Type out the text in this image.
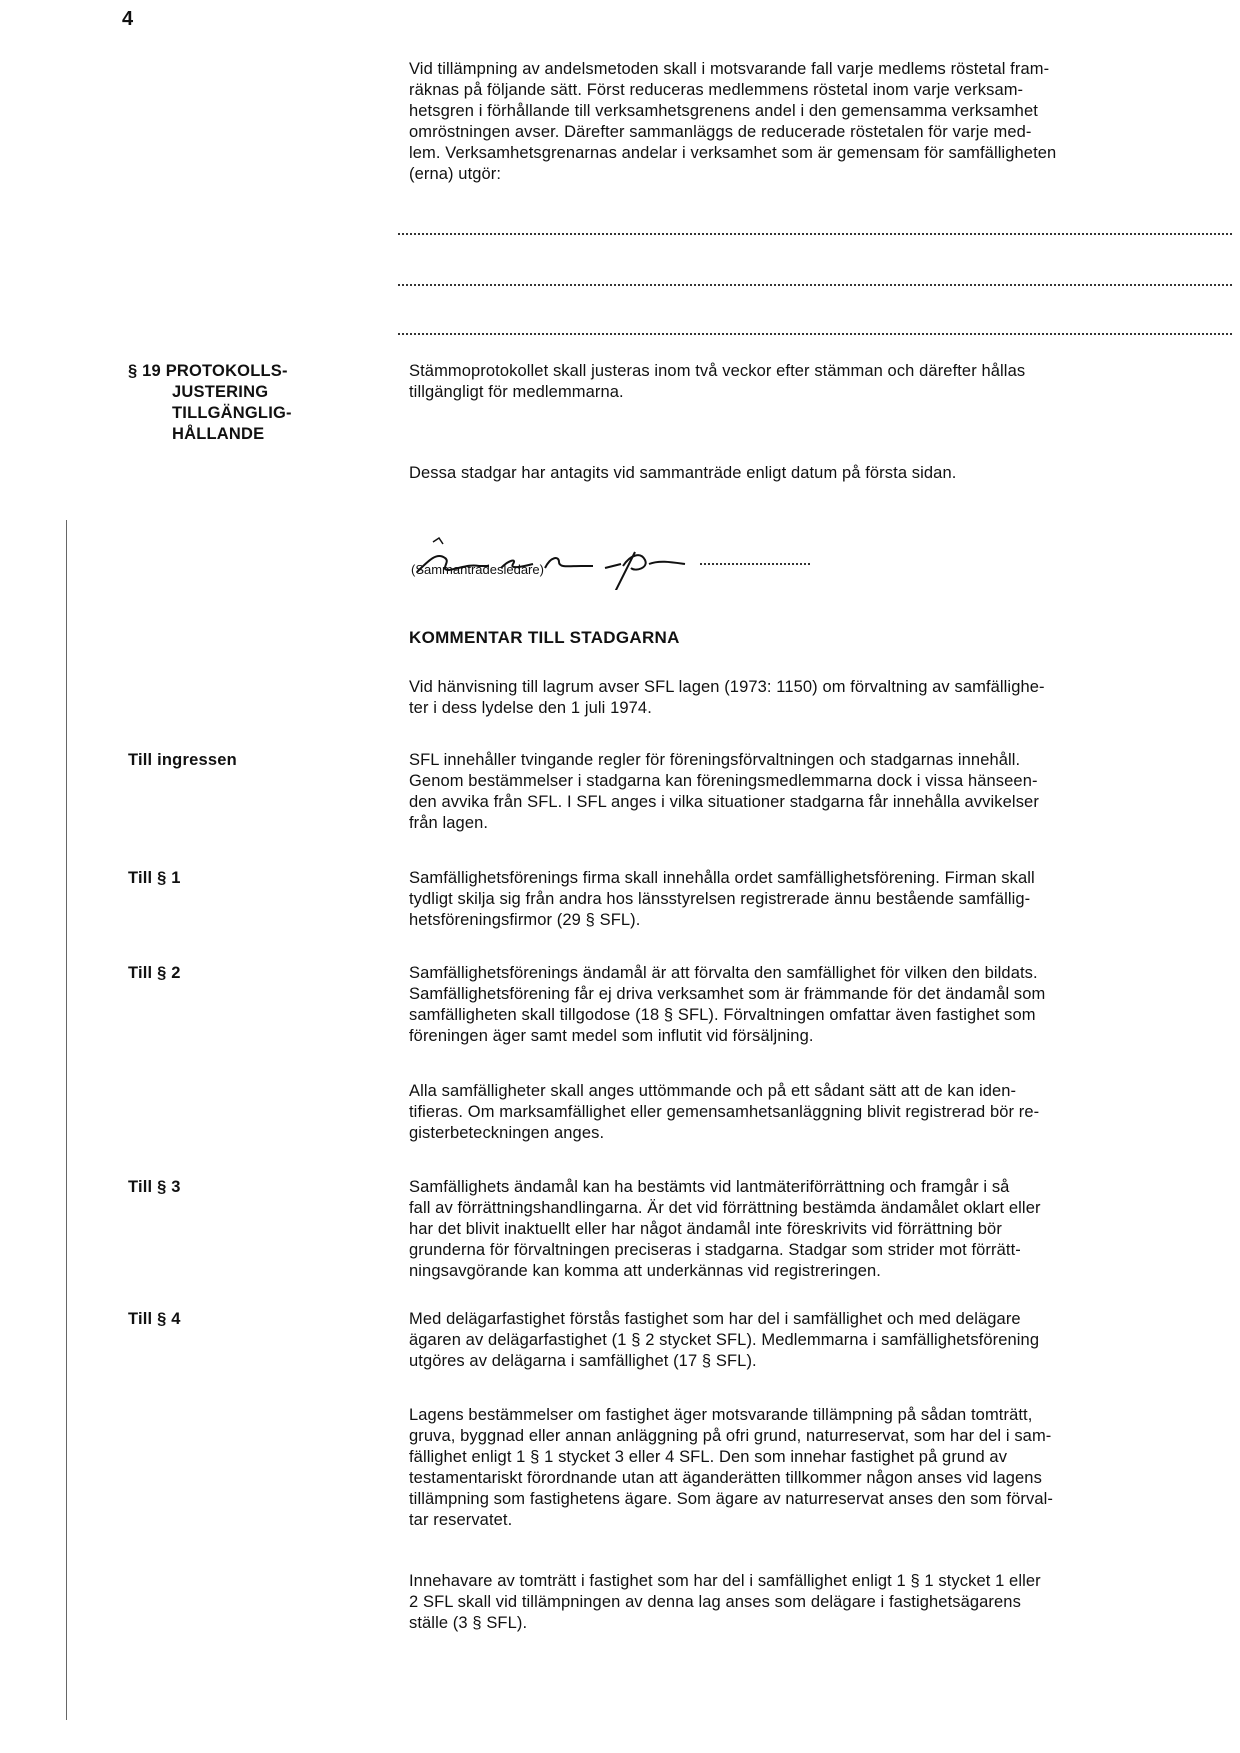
4

Vid tillämpning av andelsmetoden skall i motsvarande fall varje medlems röstetal fram-
räknas på följande sätt. Först reduceras medlemmens röstetal inom varje verksam-
hetsgren i förhållande till verksamhetsgrenens andel i den gemensamma verksamhet
omröstningen avser. Därefter sammanläggs de reducerade röstetalen för varje med-
lem. Verksamhetsgrenarnas andelar i verksamhet som är gemensam för samfälligheten
(erna) utgör:

§ 19 PROTOKOLLS-
JUSTERING
TILLGÄNGLIG-
HÅLLANDE

Stämmoprotokollet skall justeras inom två veckor efter stämman och därefter hållas
tillgängligt för medlemmarna.

Dessa stadgar har antagits vid sammanträde enligt datum på första sidan.

(Sammanträdesledare)
KOMMENTAR TILL STADGARNA

Vid hänvisning till lagrum avser SFL lagen (1973: 1150) om förvaltning av samfällighe-
ter i dess lydelse den 1 juli 1974.

Till ingressen	SFL innehåller tvingande regler för föreningsförvaltningen och stadgarnas innehåll.
Genom bestämmelser i stadgarna kan föreningsmedlemmarna dock i vissa hänseen-
den avvika från SFL. I SFL anges i vilka situationer stadgarna får innehålla avvikelser
från lagen.

Till § 1	Samfällighetsförenings firma skall innehålla ordet samfällighetsförening. Firman skall
tydligt skilja sig från andra hos länsstyrelsen registrerade ännu bestående samfällig-
hetsföreningsfirmor (29 § SFL).

Till § 2	Samfällighetsförenings ändamål är att förvalta den samfällighet för vilken den bildats.
Samfällighetsförening får ej driva verksamhet som är främmande för det ändamål som
samfälligheten skall tillgodose (18 § SFL). Förvaltningen omfattar även fastighet som
föreningen äger samt medel som influtit vid försäljning.

Alla samfälligheter skall anges uttömmande och på ett sådant sätt att de kan iden-
tifieras. Om marksamfällighet eller gemensamhetsanläggning blivit registrerad bör re-
gisterbeteckningen anges.

Till § 3	Samfällighets ändamål kan ha bestämts vid lantmäteriförrättning och framgår i så
fall av förrättningshandlingarna. Är det vid förrättning bestämda ändamålet oklart eller
har det blivit inaktuellt eller har något ändamål inte föreskrivits vid förrättning bör
grunderna för förvaltningen preciseras i stadgarna. Stadgar som strider mot förrätt-
ningsavgörande kan komma att underkännas vid registreringen.

Till § 4	Med delägarfastighet förstås fastighet som har del i samfällighet och med delägare
ägaren av delägarfastighet (1 § 2 stycket SFL). Medlemmarna i samfällighetsförening
utgöres av delägarna i samfällighet (17 § SFL).

Lagens bestämmelser om fastighet äger motsvarande tillämpning på sådan tomträtt,
gruva, byggnad eller annan anläggning på ofri grund, naturreservat, som har del i sam-
fällighet enligt 1 § 1 stycket 3 eller 4 SFL. Den som innehar fastighet på grund av
testamentariskt förordnande utan att äganderätten tillkommer någon anses vid lagens
tillämpning som fastighetens ägare. Som ägare av naturreservat anses den som förval-
tar reservatet.

Innehavare av tomträtt i fastighet som har del i samfällighet enligt 1 § 1 stycket 1 eller
2 SFL skall vid tillämpningen av denna lag anses som delägare i fastighetsägarens
ställe (3 § SFL).
